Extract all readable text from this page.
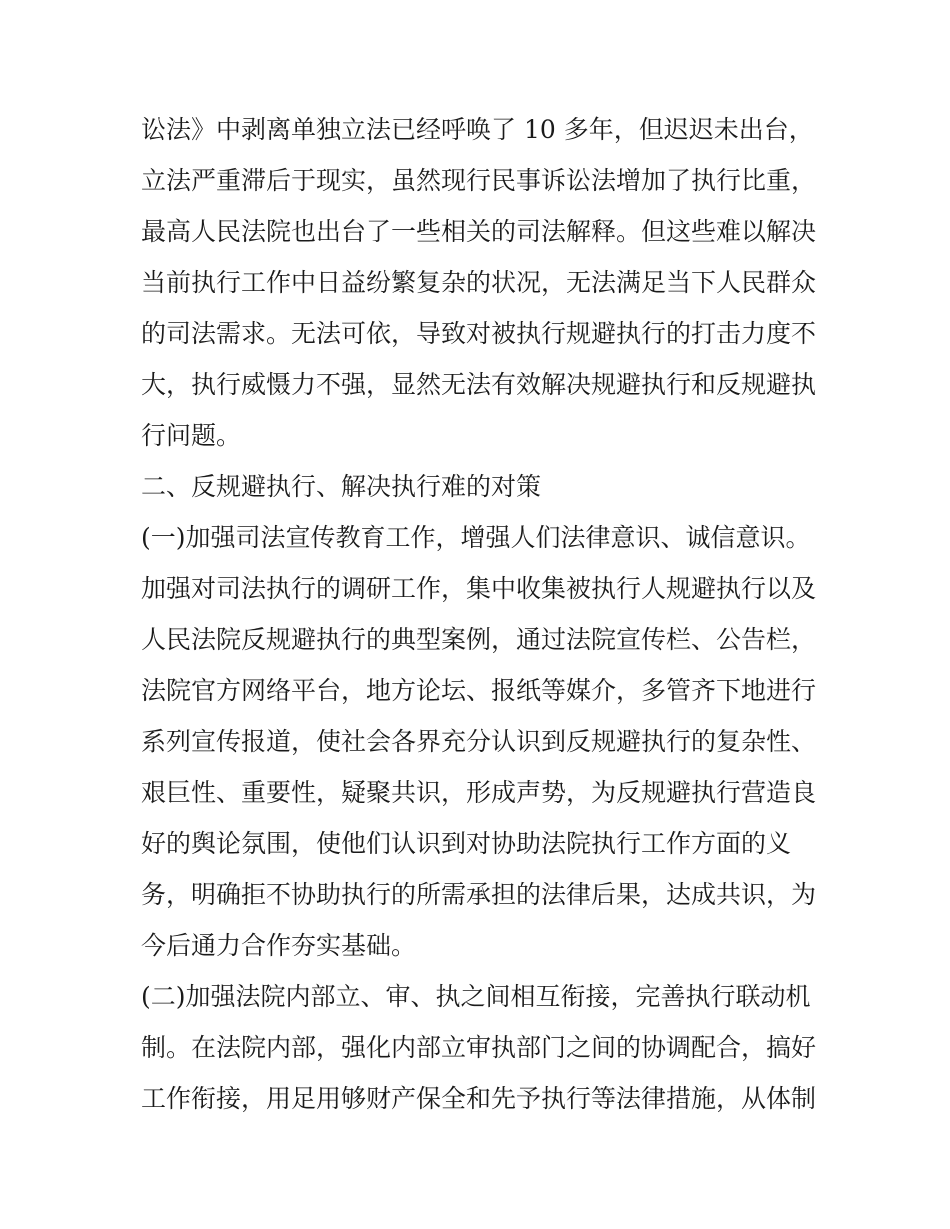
讼法》中剥离单独立法已经呼唤了 10 多年，但迟迟未出台，
立法严重滞后于现实，虽然现行民事诉讼法增加了执行比重，
最高人民法院也出台了一些相关的司法解释。但这些难以解决
当前执行工作中日益纷繁复杂的状况，无法满足当下人民群众
的司法需求。无法可依，导致对被执行规避执行的打击力度不
大，执行威慑力不强，显然无法有效解决规避执行和反规避执
行问题。
二、反规避执行、解决执行难的对策
(一)加强司法宣传教育工作，增强人们法律意识、诚信意识。
加强对司法执行的调研工作，集中收集被执行人规避执行以及
人民法院反规避执行的典型案例，通过法院宣传栏、公告栏，
法院官方网络平台，地方论坛、报纸等媒介，多管齐下地进行
系列宣传报道，使社会各界充分认识到反规避执行的复杂性、
艰巨性、重要性，疑聚共识，形成声势，为反规避执行营造良
好的舆论氛围，使他们认识到对协助法院执行工作方面的义
务，明确拒不协助执行的所需承担的法律后果，达成共识，为
今后通力合作夯实基础。
(二)加强法院内部立、审、执之间相互衔接，完善执行联动机
制。在法院内部，强化内部立审执部门之间的协调配合，搞好
工作衔接，用足用够财产保全和先予执行等法律措施，从体制
